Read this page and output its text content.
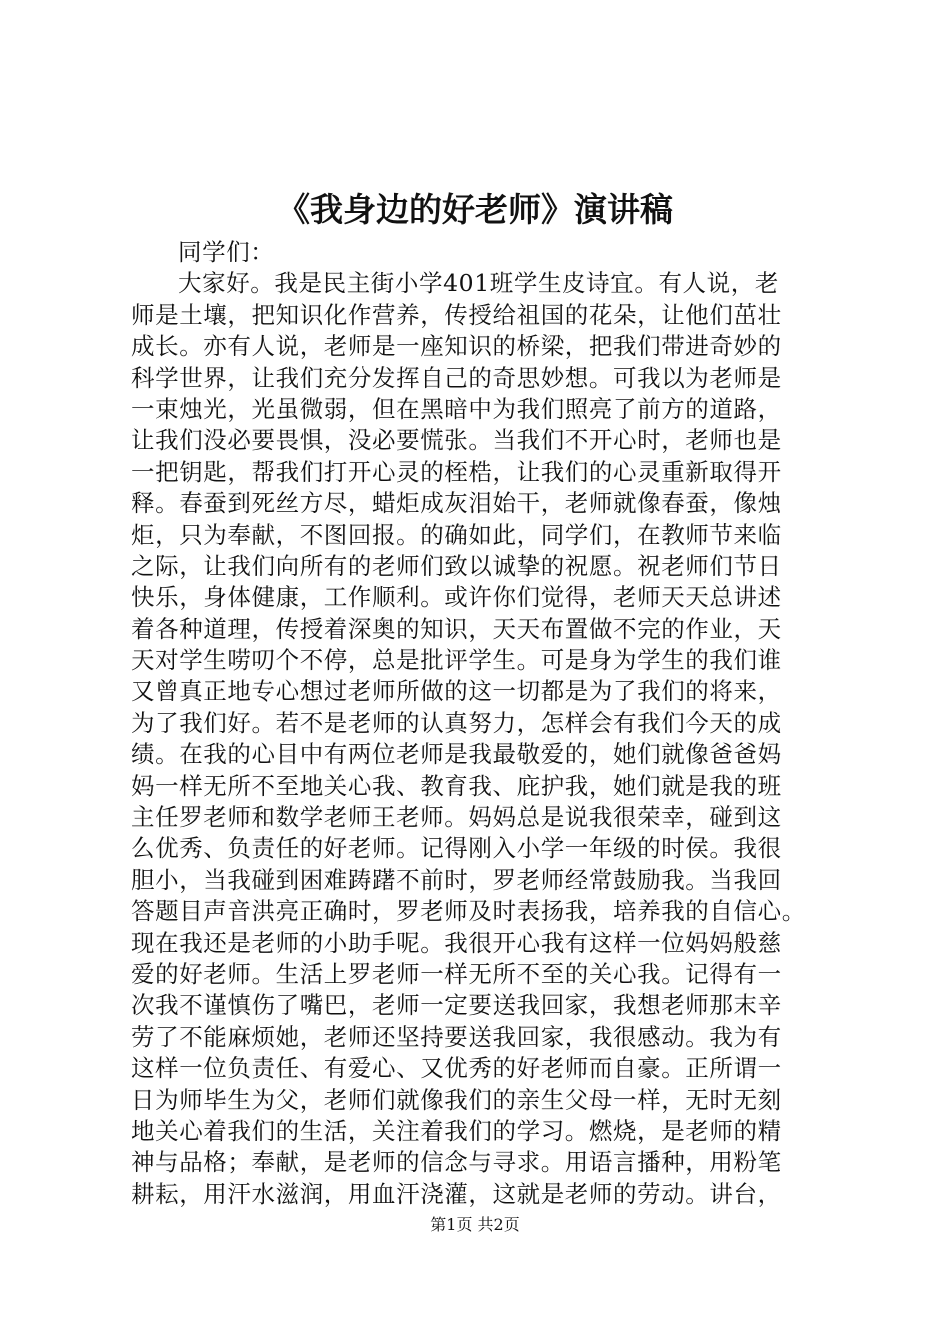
《我身边的好老师》演讲稿
同学们：
大家好。我是民主街小学401班学生皮诗宜。有人说，老
师是土壤，把知识化作营养，传授给祖国的花朵，让他们茁壮
成长。亦有人说，老师是一座知识的桥梁，把我们带进奇妙的
科学世界，让我们充分发挥自己的奇思妙想。可我以为老师是
一束烛光，光虽微弱，但在黑暗中为我们照亮了前方的道路，
让我们没必要畏惧，没必要慌张。当我们不开心时，老师也是
一把钥匙，帮我们打开心灵的桎梏，让我们的心灵重新取得开
释。春蚕到死丝方尽，蜡炬成灰泪始干，老师就像春蚕，像烛
炬，只为奉献，不图回报。的确如此，同学们，在教师节来临
之际，让我们向所有的老师们致以诚挚的祝愿。祝老师们节日
快乐，身体健康，工作顺利。或许你们觉得，老师天天总讲述
着各种道理，传授着深奥的知识，天天布置做不完的作业，天
天对学生唠叨个不停，总是批评学生。可是身为学生的我们谁
又曾真正地专心想过老师所做的这一切都是为了我们的将来，
为了我们好。若不是老师的认真努力，怎样会有我们今天的成
绩。在我的心目中有两位老师是我最敬爱的，她们就像爸爸妈
妈一样无所不至地关心我、教育我、庇护我，她们就是我的班
主任罗老师和数学老师王老师。妈妈总是说我很荣幸，碰到这
么优秀、负责任的好老师。记得刚入小学一年级的时侯。我很
胆小，当我碰到困难踌躇不前时，罗老师经常鼓励我。当我回
答题目声音洪亮正确时，罗老师及时表扬我，培养我的自信心。
现在我还是老师的小助手呢。我很开心我有这样一位妈妈般慈
爱的好老师。生活上罗老师一样无所不至的关心我。记得有一
次我不谨慎伤了嘴巴，老师一定要送我回家，我想老师那末辛
劳了不能麻烦她，老师还坚持要送我回家，我很感动。我为有
这样一位负责任、有爱心、又优秀的好老师而自豪。正所谓一
日为师毕生为父，老师们就像我们的亲生父母一样，无时无刻
地关心着我们的生活，关注着我们的学习。燃烧，是老师的精
神与品格；奉献，是老师的信念与寻求。用语言播种，用粉笔
耕耘，用汗水滋润，用血汗浇灌，这就是老师的劳动。讲台，
第1页 共2页
